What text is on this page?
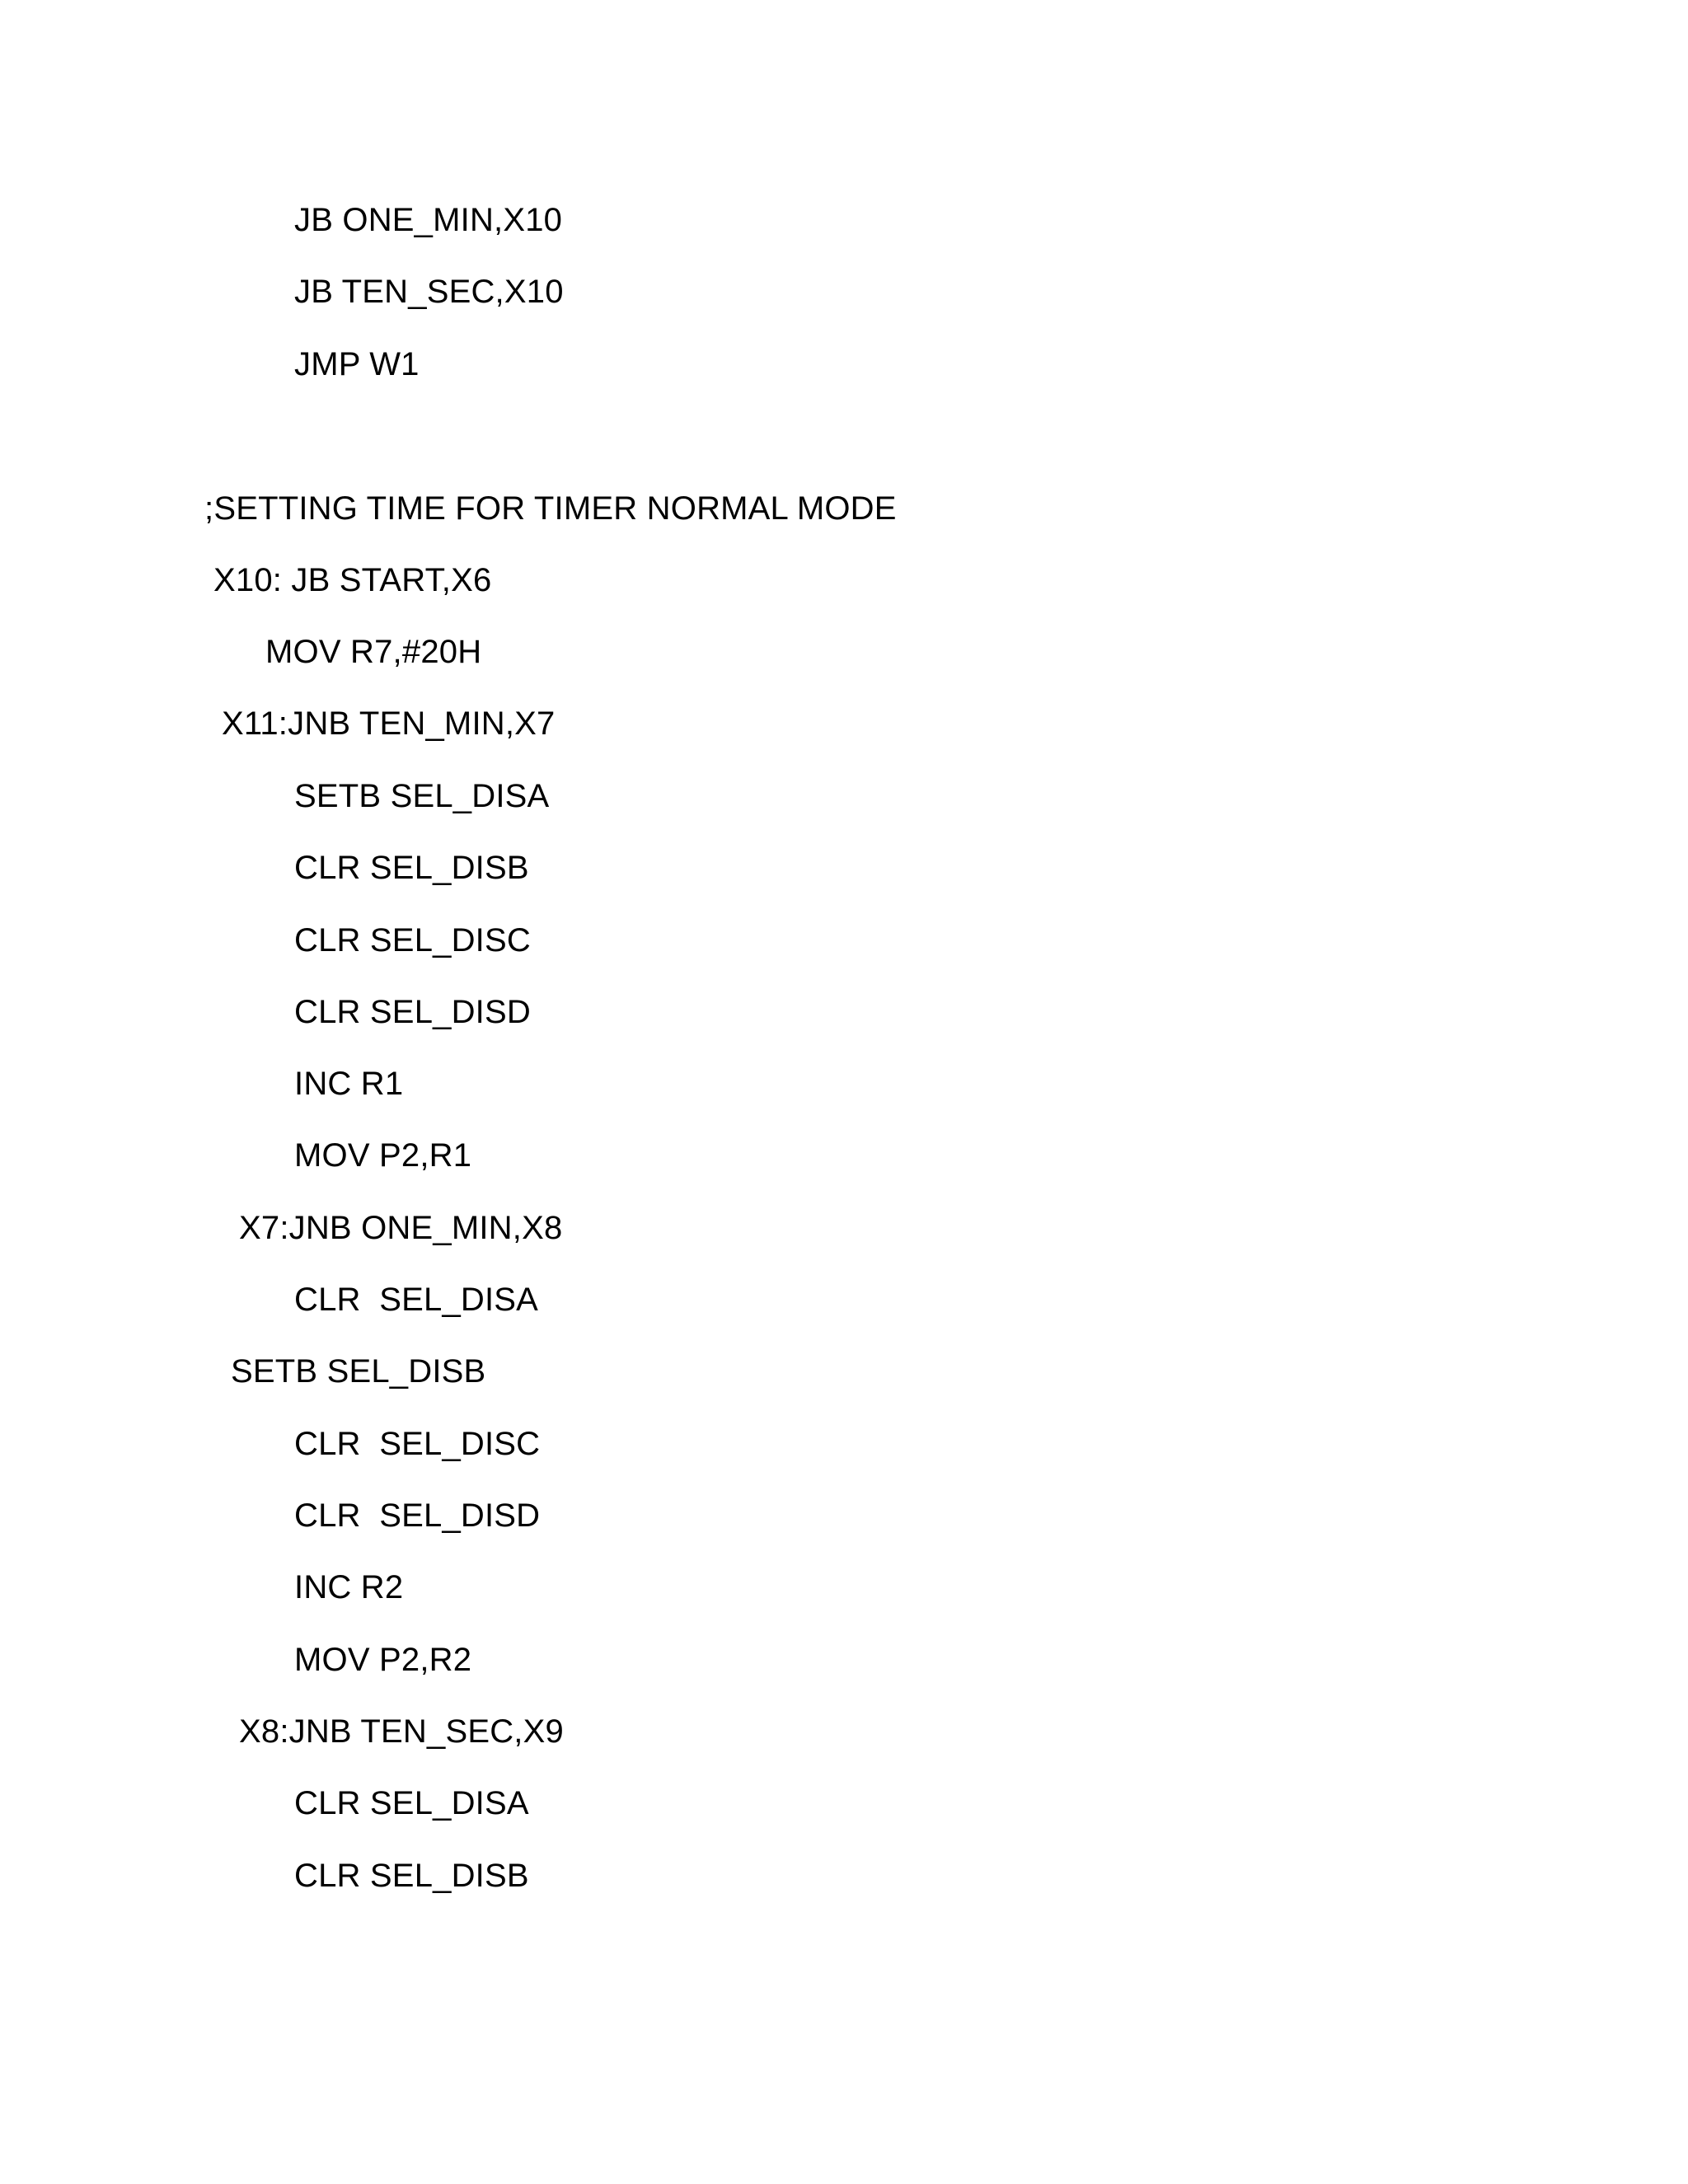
JB ONE_MIN,X10
JB TEN_SEC,X10
JMP W1
;SETTING TIME FOR TIMER NORMAL MODE
X10: JB START,X6
MOV R7,#20H
X11:JNB TEN_MIN,X7
SETB SEL_DISA
CLR SEL_DISB
CLR SEL_DISC
CLR SEL_DISD
INC R1
MOV P2,R1
X7:JNB ONE_MIN,X8
CLR  SEL_DISA
SETB SEL_DISB
CLR  SEL_DISC
CLR  SEL_DISD
INC R2
MOV P2,R2
X8:JNB TEN_SEC,X9
CLR SEL_DISA
CLR SEL_DISB
